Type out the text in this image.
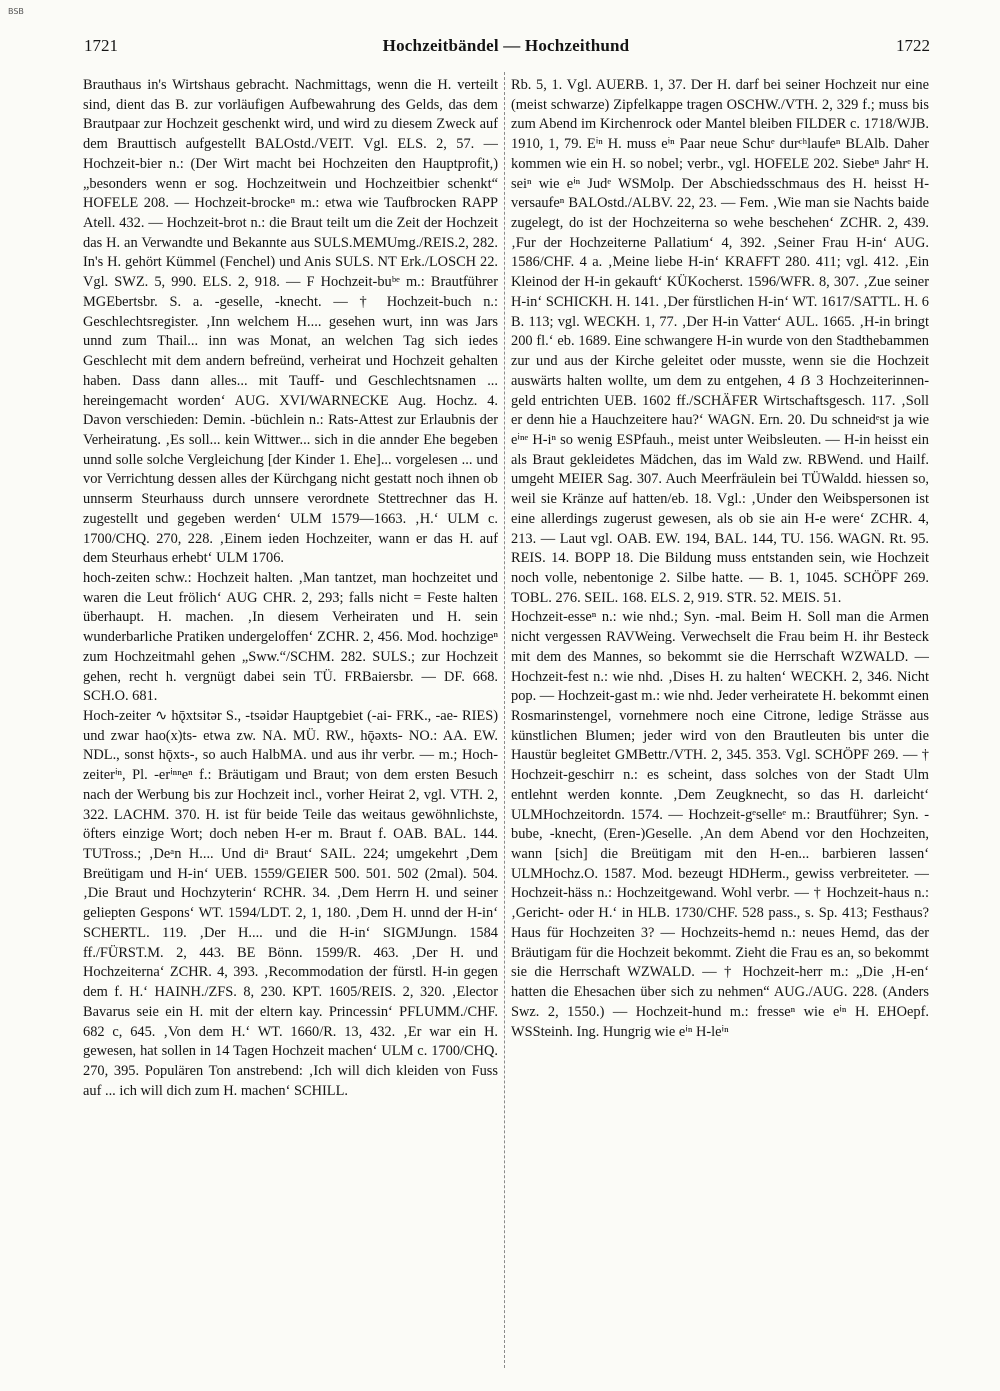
BSB
1721	Hochzeitbändel — Hochzeithund	1722

Brauthaus in's Wirtshaus gebracht. Nachmittags, wenn die H. verteilt sind, dient das B. zur vorläufigen Aufbewahrung des Gelds, das dem Brautpaar zur Hochzeit geschenkt wird, und wird zu diesem Zweck auf dem Brauttisch aufgestellt BALOstd./VEIT. Vgl. ELS. 2, 57. — Hochzeit-bier n.: (Der Wirt macht bei Hochzeiten den Hauptprofit,) „besonders wenn er sog. Hochzeitwein und Hochzeitbier schenkt“ HOFELE 208. — Hochzeit-brockeⁿ m.: etwa wie Taufbrocken RAPP Atell. 432. — Hochzeit-brot n.: die Braut teilt um die Zeit der Hochzeit das H. an Verwandte und Bekannte aus SULS.MEMUmg./REIS.2, 282. In's H. gehört Kümmel (Fenchel) und Anis SULS. NT Erk./LOSCH 22. Vgl. SWZ. 5, 990. ELS. 2, 918. — F Hochzeit-buᵇᵉ m.: Brautführer MGEbertsbr. S. a. -geselle, -knecht. — † Hochzeit-buch n.: Geschlechtsregister. ‚Inn welchem H.... gesehen wurt, inn was Jars unnd zum Thail... inn was Monat, an welchen Tag sich iedes Geschlecht mit dem andern befreünd, verheirat und Hochzeit gehalten haben. Dass dann alles... mit Tauff- und Geschlechtsnamen ... hereingemacht worden‘ AUG. XVI/WARNECKE Aug. Hochz. 4. Davon verschieden: Demin. -büchlein n.: Rats-Attest zur Erlaubnis der Verheiratung. ‚Es soll... kein Wittwer... sich in die annder Ehe begeben unnd solle solche Vergleichung [der Kinder 1. Ehe]... vorgelesen ... und vor Verrichtung dessen alles der Kürchgang nicht gestatt noch ihnen ob unnserm Steurhauss durch unnsere verordnete Stettrechner das H. zugestellt und gegeben werden‘ ULM 1579—1663. ‚H.‘ ULM c. 1700/CHQ. 270, 228. ‚Einem ieden Hochzeiter, wann er das H. auf dem Steurhaus erhebt‘ ULM 1706.

hoch-zeiten schw.: Hochzeit halten. ‚Man tantzet, man hochzeitet und waren die Leut frölich‘ AUG CHR. 2, 293; falls nicht = Feste halten überhaupt. H. machen. ‚In diesem Verheiraten und H. sein wunderbarliche Pratiken undergeloffen‘ ZCHR. 2, 456. Mod. hochzigeⁿ zum Hochzeitmahl gehen „Sww.“/SCHM. 282. SULS.; zur Hochzeit gehen, recht h. vergnügt dabei sein TÜ. FRBaiersbr. — DF. 668. SCH.O. 681.

Hoch-zeiter ∿ hǭxtsitər S., -tsəidər Hauptgebiet (-ai- FRK., -ae- RIES) und zwar hao(x)ts- etwa zw. NA. MÜ. RW., hǭəxts- NO.: AA. EW. NDL., sonst hǭxts-, so auch HalbMA. und aus ihr verbr. — m.; Hoch-zeiterⁱⁿ, Pl. -erⁱⁿⁿeⁿ f.: Bräutigam und Braut; von dem ersten Besuch nach der Werbung bis zur Hochzeit incl., vorher Heirat 2, vgl. VTH. 2, 322. LACHM. 370. H. ist für beide Teile das weitaus gewöhnlichste, öfters einzige Wort; doch neben H-er m. Braut f. OAB. BAL. 144. TUTross.; ‚Deᵃn H.... Und diᵃ Braut‘ SAIL. 224; umgekehrt ‚Dem Breütigam und H-in‘ UEB. 1559/GEIER 500. 501. 502 (2mal). 504. ‚Die Braut und Hochzyterin‘ RCHR. 34. ‚Dem Herrn H. und seiner geliepten Gespons‘ WT. 1594/LDT. 2, 1, 180. ‚Dem H. unnd der H-in‘ SCHERTL. 119. ‚Der H.... und die H-in‘ SIGMJungn. 1584 ff./FÜRST.M. 2, 443. BE Bönn. 1599/R. 463. ‚Der H. und Hochzeiterna‘ ZCHR. 4, 393. ‚Recommodation der fürstl. H-in gegen dem f. H.‘ HAINH./ZFS. 8, 230. KPT. 1605/REIS. 2, 320. ‚Elector Bavarus seie ein H. mit der eltern kay. Princessin‘ PFLUMM./CHF. 682 c, 645. ‚Von dem H.‘ WT. 1660/R. 13, 432. ‚Er war ein H. gewesen, hat sollen in 14 Tagen Hochzeit machen‘ ULM c. 1700/CHQ. 270, 395. Populären Ton anstrebend: ‚Ich will dich kleiden von Fuss auf ... ich will dich zum H. machen‘ SCHILL.

Rb. 5, 1. Vgl. AUERB. 1, 37. Der H. darf bei seiner Hochzeit nur eine (meist schwarze) Zipfelkappe tragen OSCHW./VTH. 2, 329 f.; muss bis zum Abend im Kirchenrock oder Mantel bleiben FILDER c. 1718/WJB. 1910, 1, 79. Eⁱⁿ H. muss eⁱⁿ Paar neue Schuᵉ durᶜʰlaufeⁿ BLAlb. Daher kommen wie ein H. so nobel; verbr., vgl. HOFELE 202. Siebeⁿ Jahrᵉ H. seiⁿ wie eⁱⁿ Judᵉ WSMolp. Der Abschiedsschmaus des H. heisst H-versaufeⁿ BALOstd./ALBV. 22, 23. — Fem. ‚Wie man sie Nachts baide zugelegt, do ist der Hochzeiterna so wehe beschehen‘ ZCHR. 2, 439. ‚Fur der Hochzeiterne Pallatium‘ 4, 392. ‚Seiner Frau H-in‘ AUG. 1586/CHF. 4 a. ‚Meine liebe H-in‘ KRAFFT 280. 411; vgl. 412. ‚Ein Kleinod der H-in gekauft‘ KÜKocherst. 1596/WFR. 8, 307. ‚Zue seiner H-in‘ SCHICKH. H. 141. ‚Der fürstlichen H-in‘ WT. 1617/SATTL. H. 6 B. 113; vgl. WECKH. 1, 77. ‚Der H-in Vatter‘ AUL. 1665. ‚H-in bringt 200 fl.‘ eb. 1689. Eine schwangere H-in wurde von den Stadthebammen zur und aus der Kirche geleitet oder musste, wenn sie die Hochzeit auswärts halten wollte, um dem zu entgehen, 4 ẞ 3 Hochzeiterinnen-geld entrichten UEB. 1602 ff./SCHÄFER Wirtschaftsgesch. 117. ‚Soll er denn hie a Hauchzeitere hau?‘ WAGN. Ern. 20. Du schneidᵉst ja wie eⁱⁿᵉ H-iⁿ so wenig ESPfauh., meist unter Weibsleuten. — H-in heisst ein als Braut gekleidetes Mädchen, das im Wald zw. RBWend. und Hailf. umgeht MEIER Sag. 307. Auch Meerfräulein bei TÜWaldd. hiessen so, weil sie Kränze auf hatten/eb. 18. Vgl.: ‚Under den Weibspersonen ist eine allerdings zugerust gewesen, als ob sie ain H-e were‘ ZCHR. 4, 213. — Laut vgl. OAB. EW. 194, BAL. 144, TU. 156. WAGN. Rt. 95. REIS. 14. BOPP 18. Die Bildung muss entstanden sein, wie Hochzeit noch volle, nebentonige 2. Silbe hatte. — B. 1, 1045. SCHÖPF 269. TOBL. 276. SEIL. 168. ELS. 2, 919. STR. 52. MEIS. 51.

Hochzeit-esseⁿ n.: wie nhd.; Syn. -mal. Beim H. Soll man die Armen nicht vergessen RAVWeing. Verwechselt die Frau beim H. ihr Besteck mit dem des Mannes, so bekommt sie die Herrschaft WZWALD. — Hochzeit-fest n.: wie nhd. ‚Dises H. zu halten‘ WECKH. 2, 346. Nicht pop. — Hochzeit-gast m.: wie nhd. Jeder verheiratete H. bekommt einen Rosmarinstengel, vornehmere noch eine Citrone, ledige Strässe aus künstlichen Blumen; jeder wird von den Brautleuten bis unter die Haustür begleitet GMBettr./VTH. 2, 345. 353. Vgl. SCHÖPF 269. — † Hochzeit-geschirr n.: es scheint, dass solches von der Stadt Ulm entlehnt werden konnte. ‚Dem Zeugknecht, so das H. darleicht‘ ULMHochzeitordn. 1574. — Hochzeit-gᵉselleᵉ m.: Brautführer; Syn. -bube, -knecht, (Eren-)Geselle. ‚An dem Abend vor den Hochzeiten, wann [sich] die Breütigam mit den H-en... barbieren lassen‘ ULMHochz.O. 1587. Mod. bezeugt HDHerm., gewiss verbreiteter. — Hochzeit-häss n.: Hochzeitgewand. Wohl verbr. — † Hochzeit-haus n.: ‚Gericht- oder H.‘ in HLB. 1730/CHF. 528 pass., s. Sp. 413; Festhaus? Haus für Hochzeiten 3? — Hochzeits-hemd n.: neues Hemd, das der Bräutigam für die Hochzeit bekommt. Zieht die Frau es an, so bekommt sie die Herrschaft WZWALD. — † Hochzeit-herr m.: „Die ‚H-en‘ hatten die Ehesachen über sich zu nehmen“ AUG./AUG. 228. (Anders Swz. 2, 1550.) — Hochzeit-hund m.: fresseⁿ wie eⁱⁿ H. EHOepf. WSSteinh. Ing. Hungrig wie eⁱⁿ H-leⁱⁿ
